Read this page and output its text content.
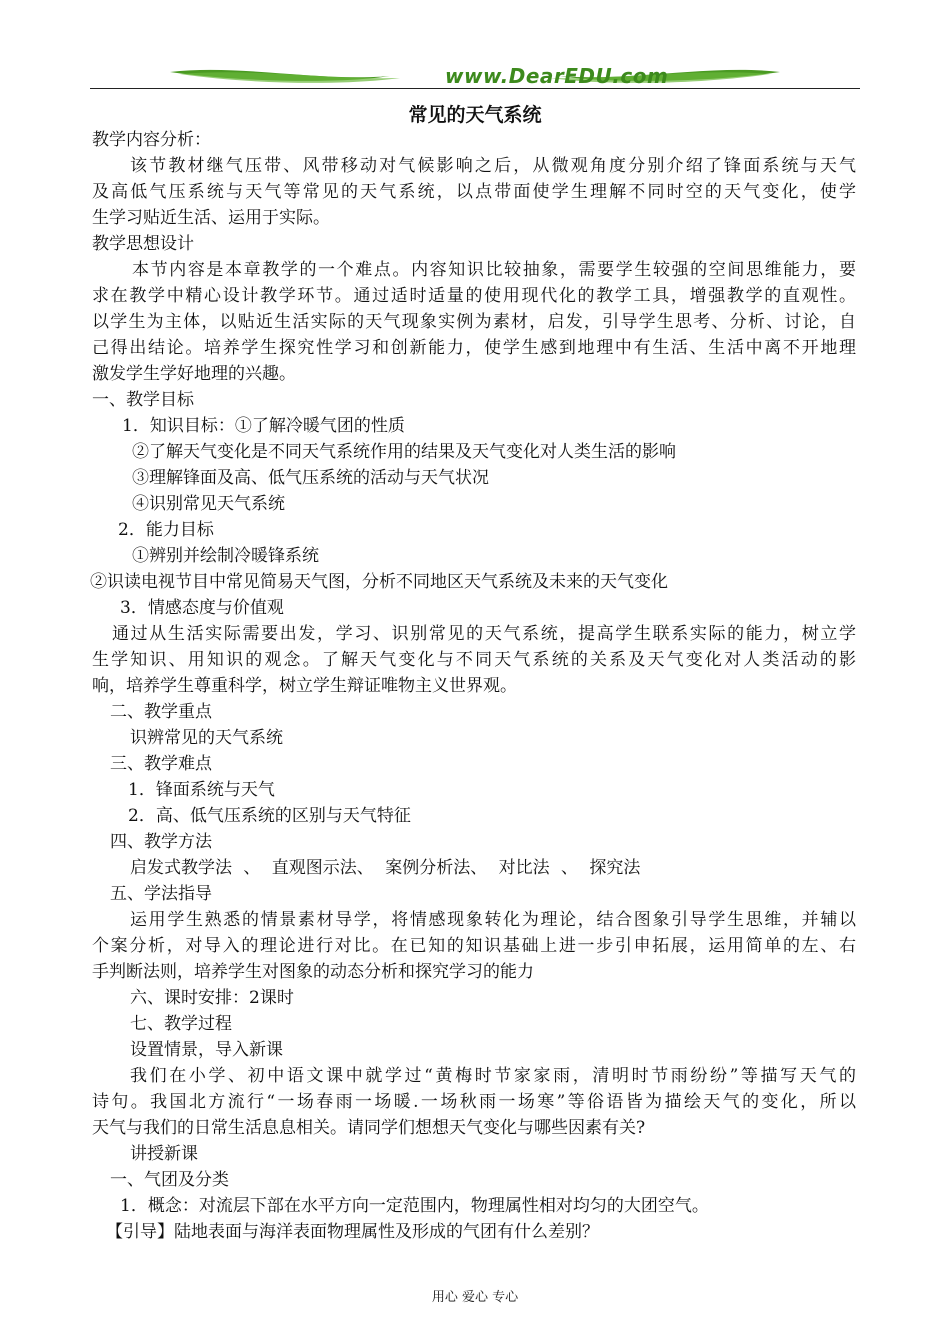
www.DearEDU.com
常见的天气系统
教学内容分析：
该节教材继气压带、风带移动对气候影响之后，从微观角度分别介绍了锋面系统与天气
及高低气压系统与天气等常见的天气系统，以点带面使学生理解不同时空的天气变化，使学
生学习贴近生活、运用于实际。
教学思想设计
本节内容是本章教学的一个难点。内容知识比较抽象，需要学生较强的空间思维能力，要
求在教学中精心设计教学环节。通过适时适量的使用现代化的教学工具，增强教学的直观性。
以学生为主体，以贴近生活实际的天气现象实例为素材，启发，引导学生思考、分析、讨论，自
己得出结论。培养学生探究性学习和创新能力，使学生感到地理中有生活、生活中离不开地理
激发学生学好地理的兴趣。
一、教学目标
1．知识目标：①了解冷暖气团的性质
②了解天气变化是不同天气系统作用的结果及天气变化对人类生活的影响
③理解锋面及高、低气压系统的活动与天气状况
④识别常见天气系统
2．能力目标
①辨别并绘制冷暖锋系统
②识读电视节目中常见简易天气图，分析不同地区天气系统及未来的天气变化
3．情感态度与价值观
通过从生活实际需要出发，学习、识别常见的天气系统，提高学生联系实际的能力，树立学
生学知识、用知识的观念。了解天气变化与不同天气系统的关系及天气变化对人类活动的影
响，培养学生尊重科学，树立学生辩证唯物主义世界观。
二、教学重点
识辨常见的天气系统
三、教学难点
1．锋面系统与天气
2．高、低气压系统的区别与天气特征
四、教学方法
启发式教学法 、 直观图示法、 案例分析法、 对比法 、 探究法
五、学法指导
运用学生熟悉的情景素材导学，将情感现象转化为理论，结合图象引导学生思维，并辅以
个案分析，对导入的理论进行对比。在已知的知识基础上进一步引申拓展，运用简单的左、右
手判断法则，培养学生对图象的动态分析和探究学习的能力
六、课时安排：2课时
七、教学过程
设置情景，导入新课
我们在小学、初中语文课中就学过“黄梅时节家家雨，清明时节雨纷纷”等描写天气的
诗句。我国北方流行“一场春雨一场暖.一场秋雨一场寒”等俗语皆为描绘天气的变化，所以
天气与我们的日常生活息息相关。请同学们想想天气变化与哪些因素有关?
讲授新课
一、气团及分类
1．概念：对流层下部在水平方向一定范围内，物理属性相对均匀的大团空气。
【引导】陆地表面与海洋表面物理属性及形成的气团有什么差别？
用心 爱心 专心
